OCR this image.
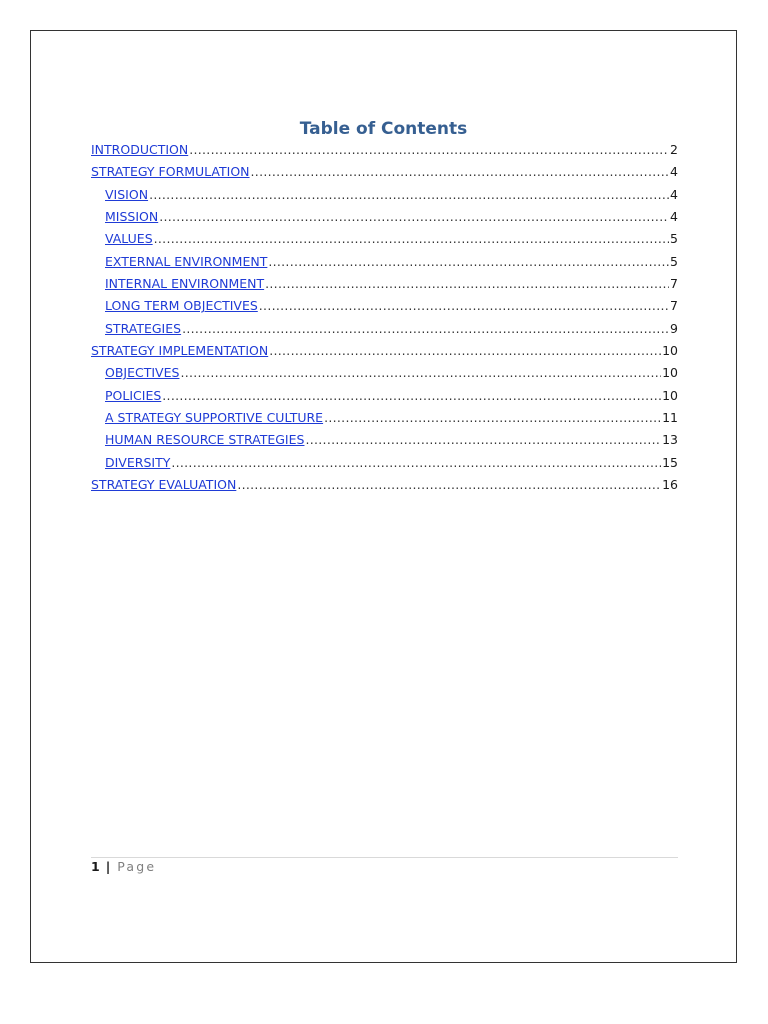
Table of Contents
INTRODUCTION .....	2
STRATEGY FORMULATION .....	4
VISION .....	4
MISSION .....	4
VALUES .....	5
EXTERNAL ENVIRONMENT .....	5
INTERNAL ENVIRONMENT .....	7
LONG TERM OBJECTIVES .....	7
STRATEGIES .....	9
STRATEGY IMPLEMENTATION .....	10
OBJECTIVES .....	10
POLICIES .....	10
A STRATEGY SUPPORTIVE CULTURE .....	11
HUMAN RESOURCE STRATEGIES .....	13
DIVERSITY .....	15
STRATEGY EVALUATION .....	16
1 | Page
